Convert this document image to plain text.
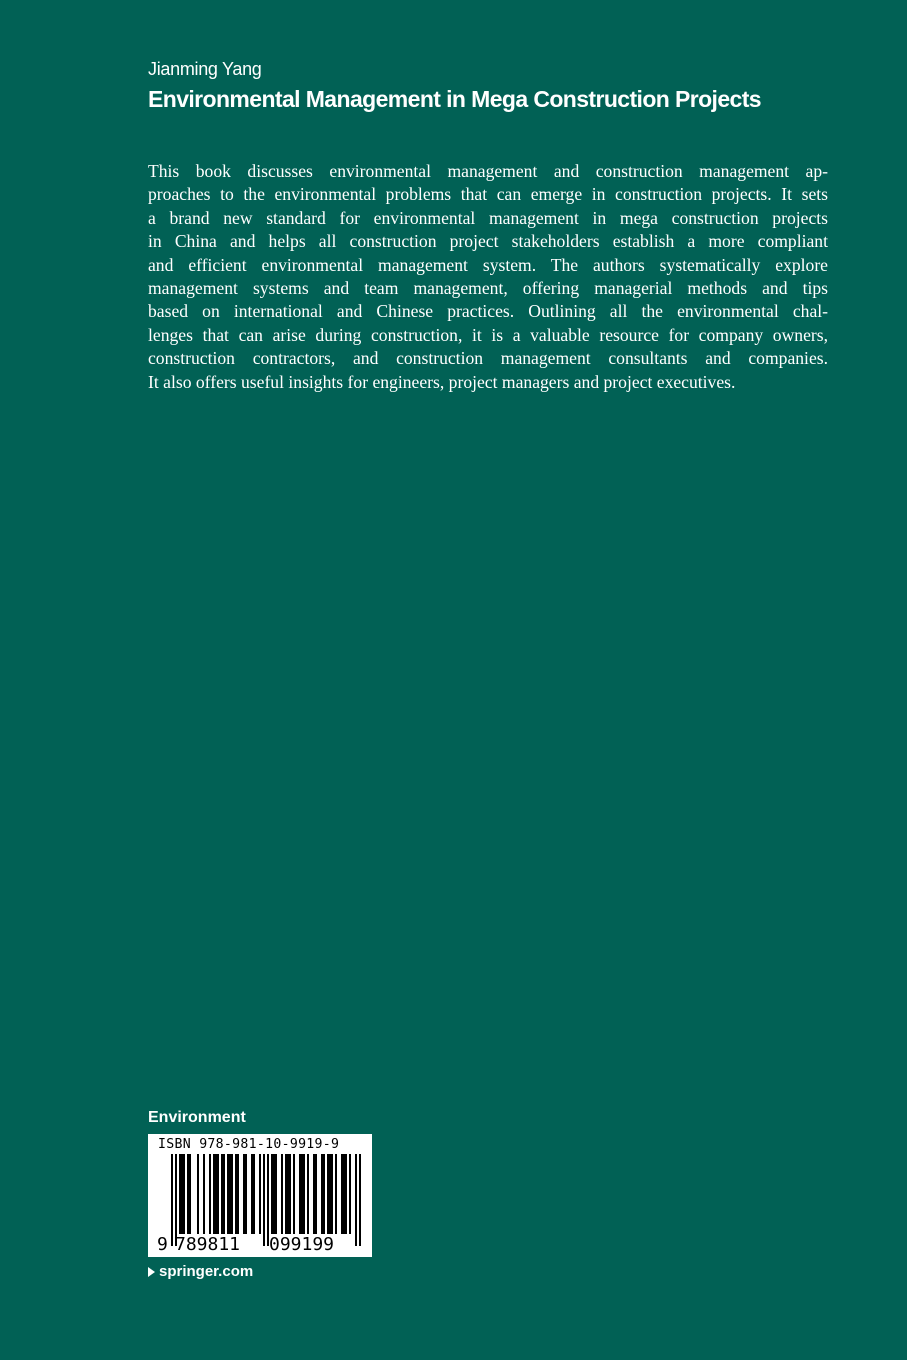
Jianming Yang
Environmental Management in Mega Construction Projects
This book discusses environmental management and construction management ap-
proaches to the environmental problems that can emerge in construction projects. It sets
a brand new standard for environmental management in mega construction projects
in China and helps all construction project stakeholders establish a more compliant
and efficient environmental management system. The authors systematically explore
management systems and team management, offering managerial methods and tips
based on international and Chinese practices. Outlining all the environmental chal-
lenges that can arise during construction, it is a valuable resource for company owners,
construction contractors, and construction management consultants and companies.
It also offers useful insights for engineers, project managers and project executives.
Environment
ISBN 978-981-10-9919-9
9 789811	099199
springer.com
